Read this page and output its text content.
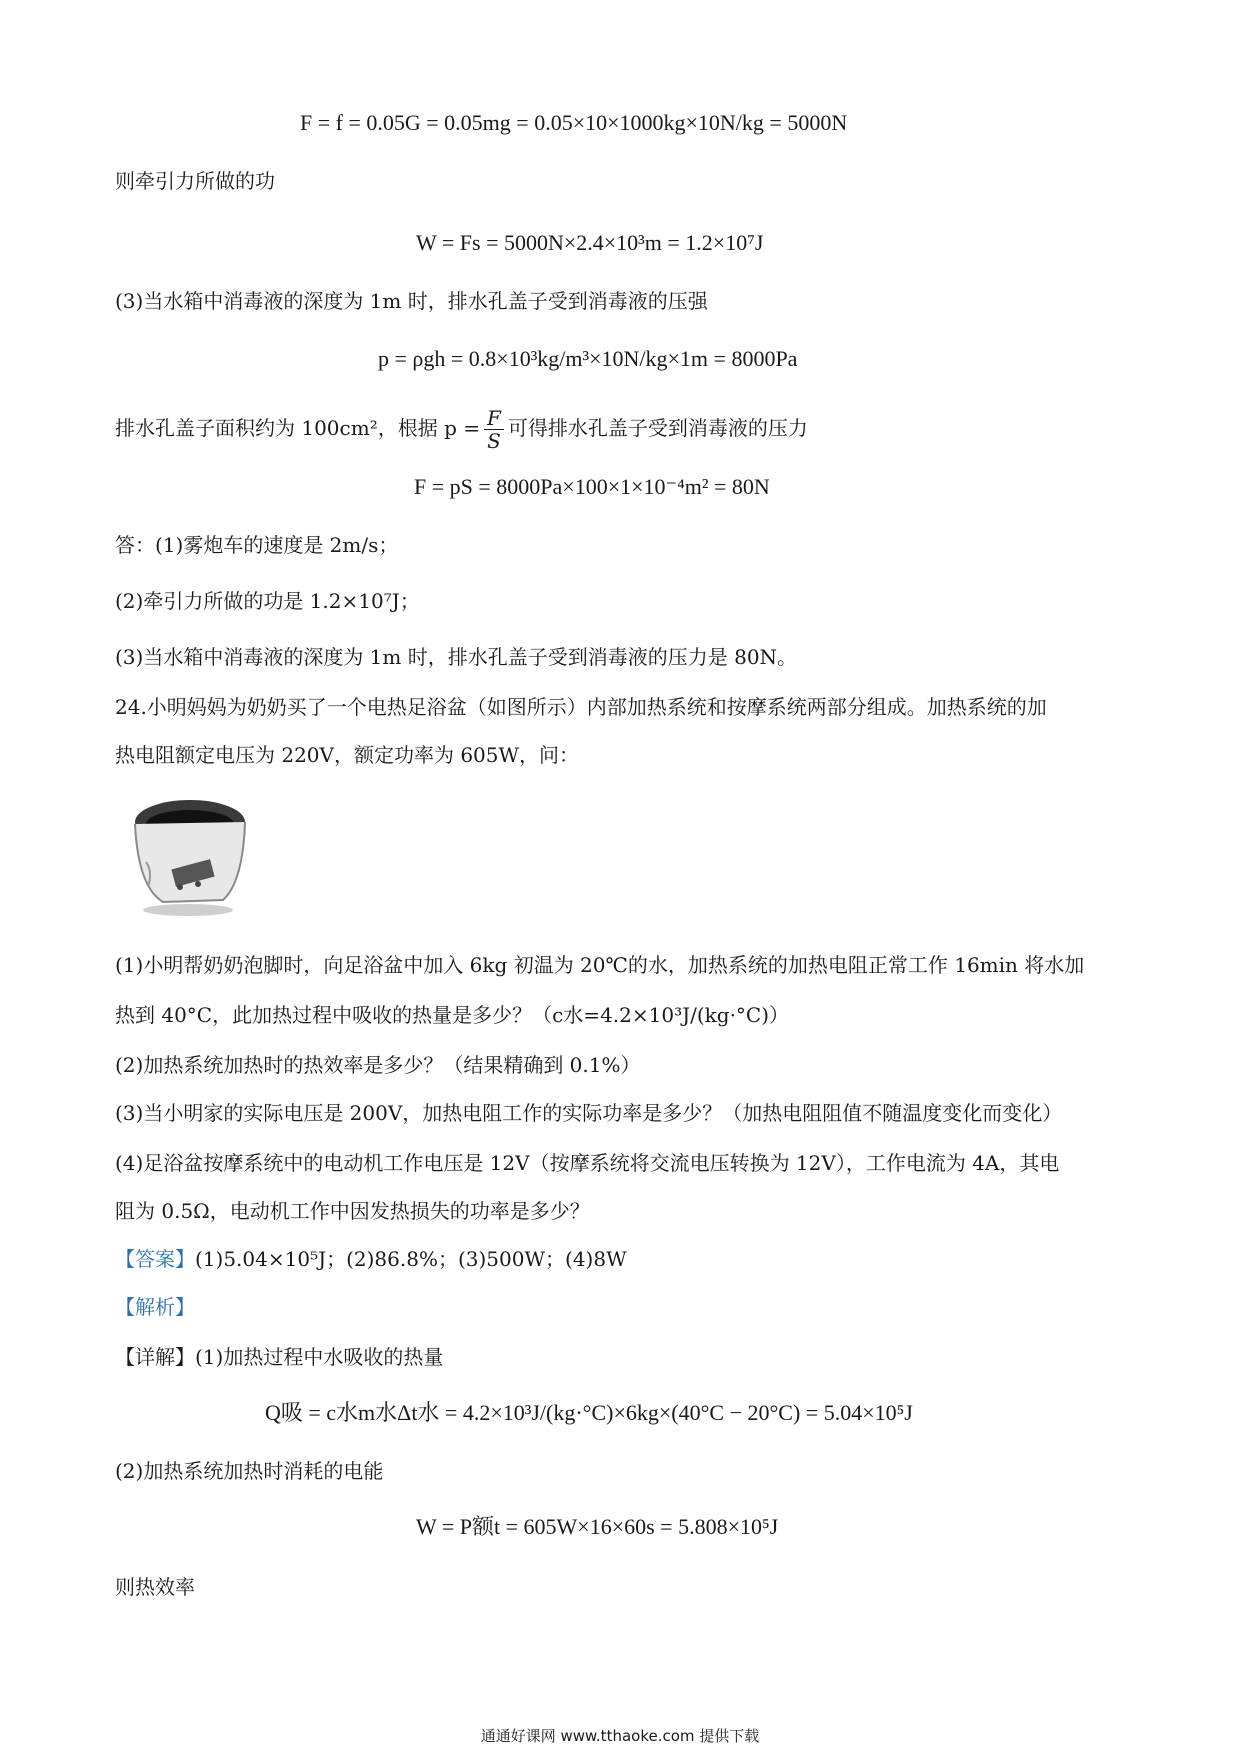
F = f = 0.05G = 0.05mg = 0.05×10×1000kg×10N/kg = 5000N
则牵引力所做的功
W = Fs = 5000N×2.4×10³m = 1.2×10⁷J
(3)当水箱中消毒液的深度为 1m 时，排水孔盖子受到消毒液的压强
p = ρgh = 0.8×10³kg/m³×10N/kg×1m = 8000Pa
排水孔盖子面积约为 100cm²，根据 $p = \frac{F}{S}$ 可得排水孔盖子受到消毒液的压力
F = pS = 8000Pa×100×1×10⁻⁴m² = 80N
答：(1)雾炮车的速度是 2m/s；
(2)牵引力所做的功是 1.2×10⁷J；
(3)当水箱中消毒液的深度为 1m 时，排水孔盖子受到消毒液的压力是 80N。
24.小明妈妈为奶奶买了一个电热足浴盆（如图所示）内部加热系统和按摩系统两部分组成。加热系统的加
热电阻额定电压为 220V，额定功率为 605W，问：
(1)小明帮奶奶泡脚时，向足浴盆中加入 6kg 初温为 20℃的水，加热系统的加热电阻正常工作 16min 将水加
热到 40°C，此加热过程中吸收的热量是多少？（c水=4.2×10³J/(kg·°C)）
(2)加热系统加热时的热效率是多少？（结果精确到 0.1%）
(3)当小明家的实际电压是 200V，加热电阻工作的实际功率是多少？（加热电阻阻值不随温度变化而变化）
(4)足浴盆按摩系统中的电动机工作电压是 12V（按摩系统将交流电压转换为 12V），工作电流为 4A，其电
阻为 0.5Ω，电动机工作中因发热损失的功率是多少？
【答案】(1)5.04×10⁵J；(2)86.8%；(3)500W；(4)8W
【解析】
【详解】(1)加热过程中水吸收的热量
Q吸 = c水m水Δt水 = 4.2×10³J/(kg·°C)×6kg×(40°C − 20°C) = 5.04×10⁵J
(2)加热系统加热时消耗的电能
W = P额t = 605W×16×60s = 5.808×10⁵J
则热效率
通通好课网 www.tthaoke.com 提供下载
